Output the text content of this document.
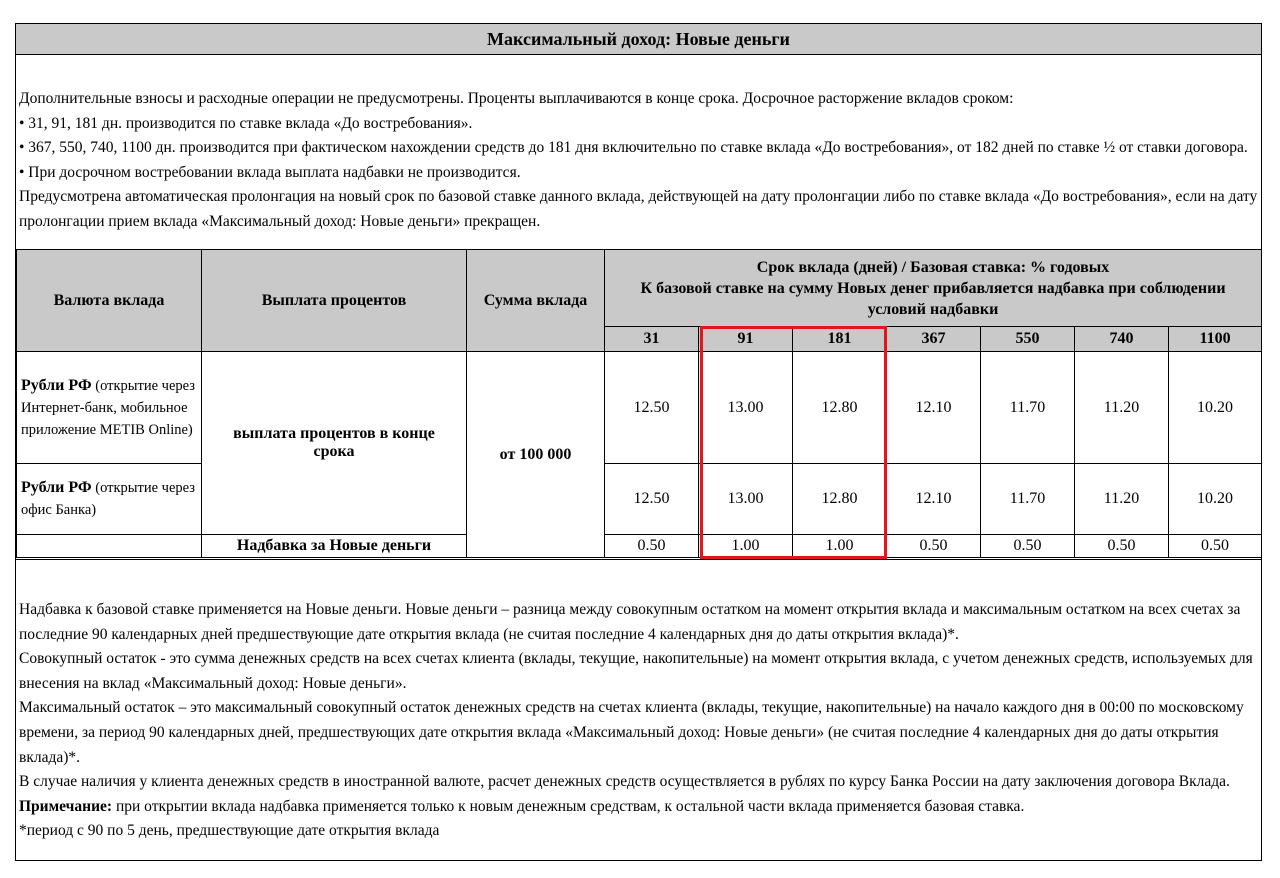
Максимальный доход: Новые деньги

Дополнительные взносы и расходные операции не предусмотрены. Проценты выплачиваются в конце срока. Досрочное расторжение вкладов сроком:

• 31, 91, 181 дн. производится по ставке вклада «До востребования».

• 367, 550, 740, 1100 дн. производится при фактическом нахождении средств до 181 дня включительно по ставке вклада «До востребования», от 182 дней по ставке ½ от ставки договора.

• При досрочном востребовании вклада выплата надбавки не производится.

Предусмотрена автоматическая пролонгация на новый срок по базовой ставке данного вклада, действующей на дату пролонгации либо по ставке вклада «До востребования», если на дату пролонгации прием вклада «Максимальный доход: Новые деньги» прекращен.

Валюта вклада	Выплата процентов	Сумма вклада	Срок вклада (дней) / Базовая ставка: % годовых
К базовой ставке на сумму Новых денег прибавляется надбавка при соблюдении условий надбавки						

			31	91	181	367	550	740	1100
Рубли РФ (открытие через Интернет-банк, мобильное приложение МЕТІВ Online)	выплата процентов в конце срока	от 100 000	12.50	13.00	12.80	12.10	11.70	11.20	10.20
Рубли РФ (открытие через офис Банка)			12.50	13.00	12.80	12.10	11.70	11.20	10.20
	Надбавка за Новые деньги		0.50	1.00	1.00	0.50	0.50	0.50	0.50

Надбавка к базовой ставке применяется на Новые деньги. Новые деньги – разница между совокупным остатком на момент открытия вклада и максимальным остатком на всех счетах за последние 90 календарных дней предшествующие дате открытия вклада (не считая последние 4 календарных дня до даты открытия вклада)*.

Совокупный остаток - это сумма денежных средств на всех счетах клиента (вклады, текущие, накопительные) на момент открытия вклада, с учетом денежных средств, используемых для внесения на вклад «Максимальный доход: Новые деньги».

Максимальный остаток – это максимальный совокупный остаток денежных средств на счетах клиента (вклады, текущие, накопительные) на начало каждого дня в 00:00 по московскому времени, за период 90 календарных дней, предшествующих дате открытия вклада «Максимальный доход: Новые деньги» (не считая последние 4 календарных дня до даты открытия вклада)*.

В случае наличия у клиента денежных средств в иностранной валюте, расчет денежных средств осуществляется в рублях по курсу Банка России на дату заключения договора Вклада.

Примечание: при открытии вклада надбавка применяется только к новым денежным средствам, к остальной части вклада применяется базовая ставка.

*период с 90 по 5 день, предшествующие дате открытия вклада
